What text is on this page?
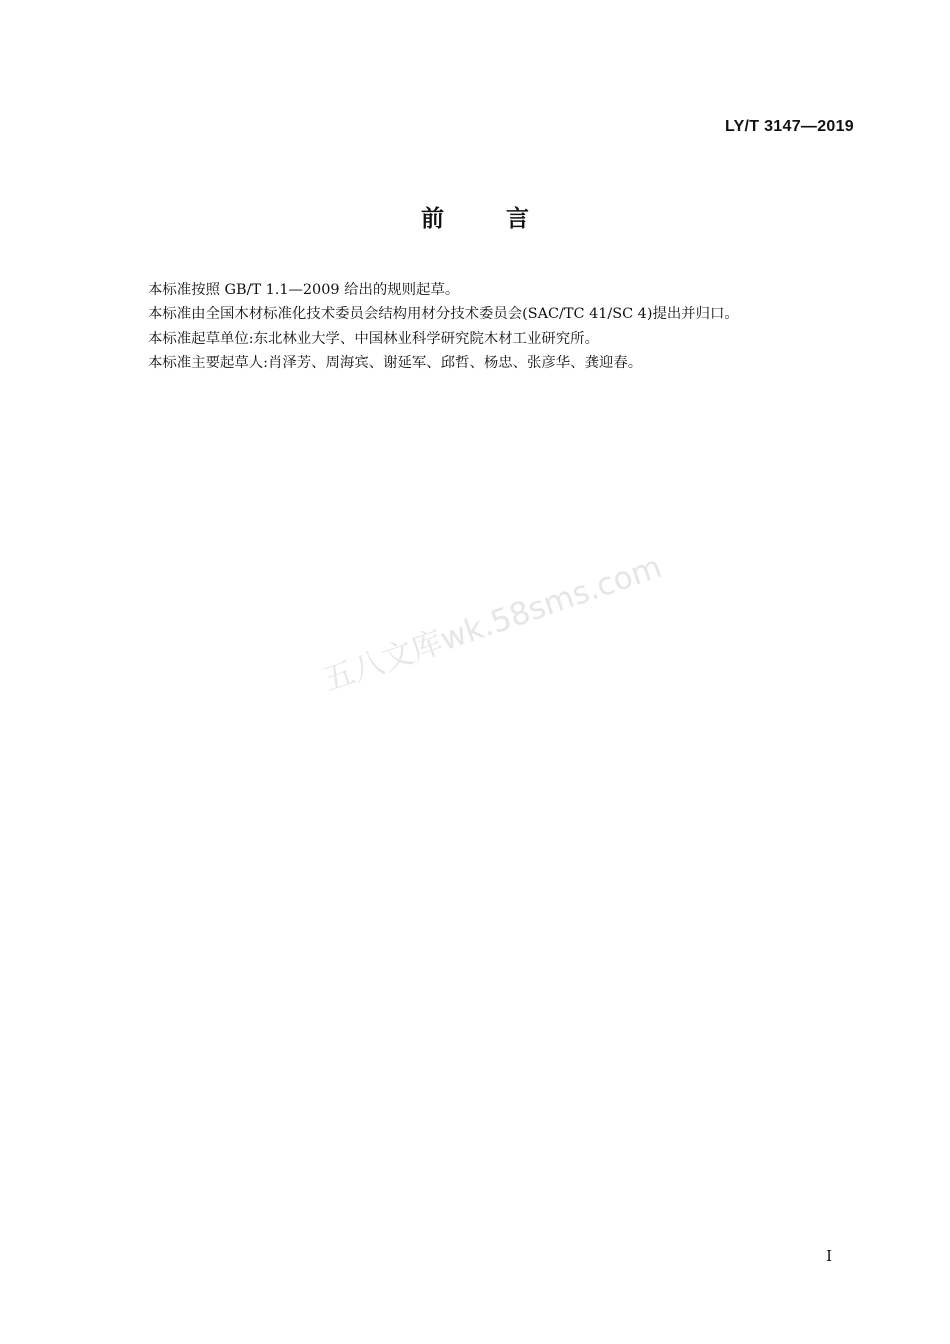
LY/T 3147—2019
前言

本标准按照 GB/T 1.1—2009 给出的规则起草。

本标准由全国木材标准化技术委员会结构用材分技术委员会(SAC/TC 41/SC 4)提出并归口。

本标准起草单位:东北林业大学、中国林业科学研究院木材工业研究所。

本标准主要起草人:肖泽芳、周海宾、谢延军、邱哲、杨忠、张彦华、龚迎春。

五八文库wk.58sms.com
I
